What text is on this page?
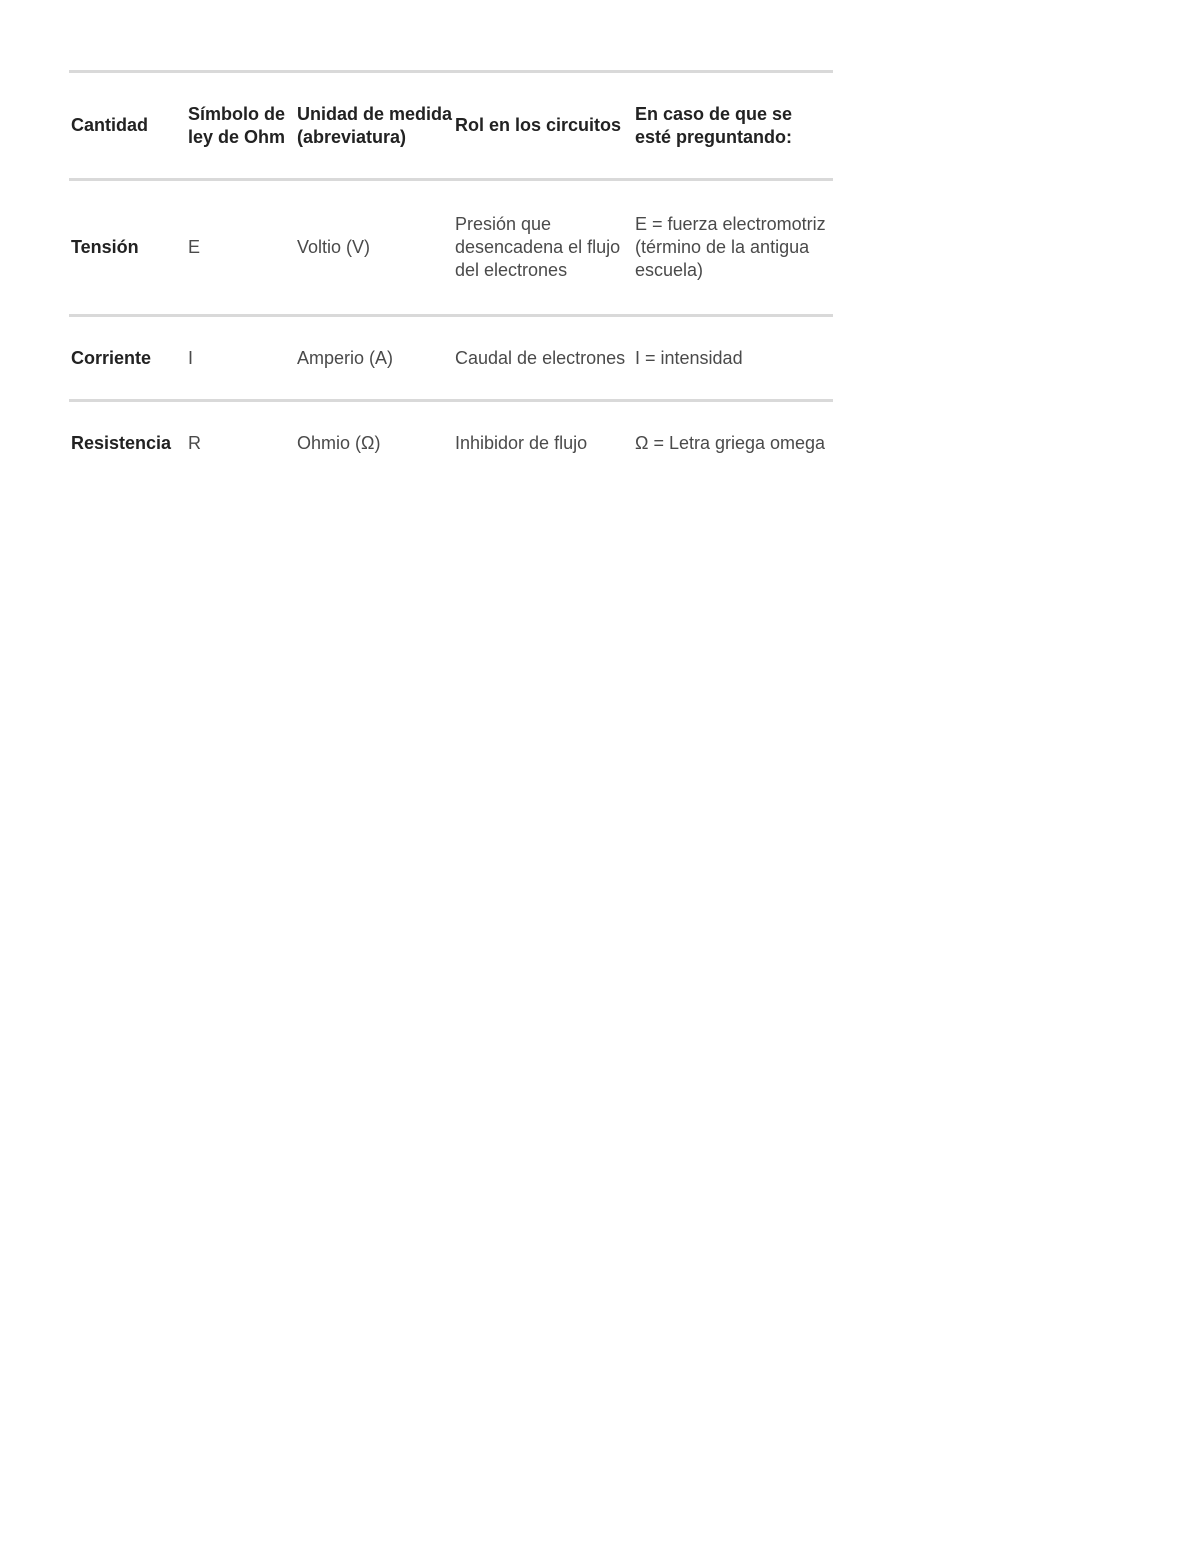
Cantidad	Símbolo de ley de Ohm	Unidad de medida (abreviatura)	Rol en los circuitos	En caso de que se esté preguntando:
Tensión	E	Voltio (V)	Presión que desencadena el flujo del electrones	E = fuerza electromotriz (término de la antigua escuela)
Corriente	I	Amperio (A)	Caudal de electrones	I = intensidad
Resistencia	R	Ohmio (Ω)	Inhibidor de flujo	Ω = Letra griega omega
